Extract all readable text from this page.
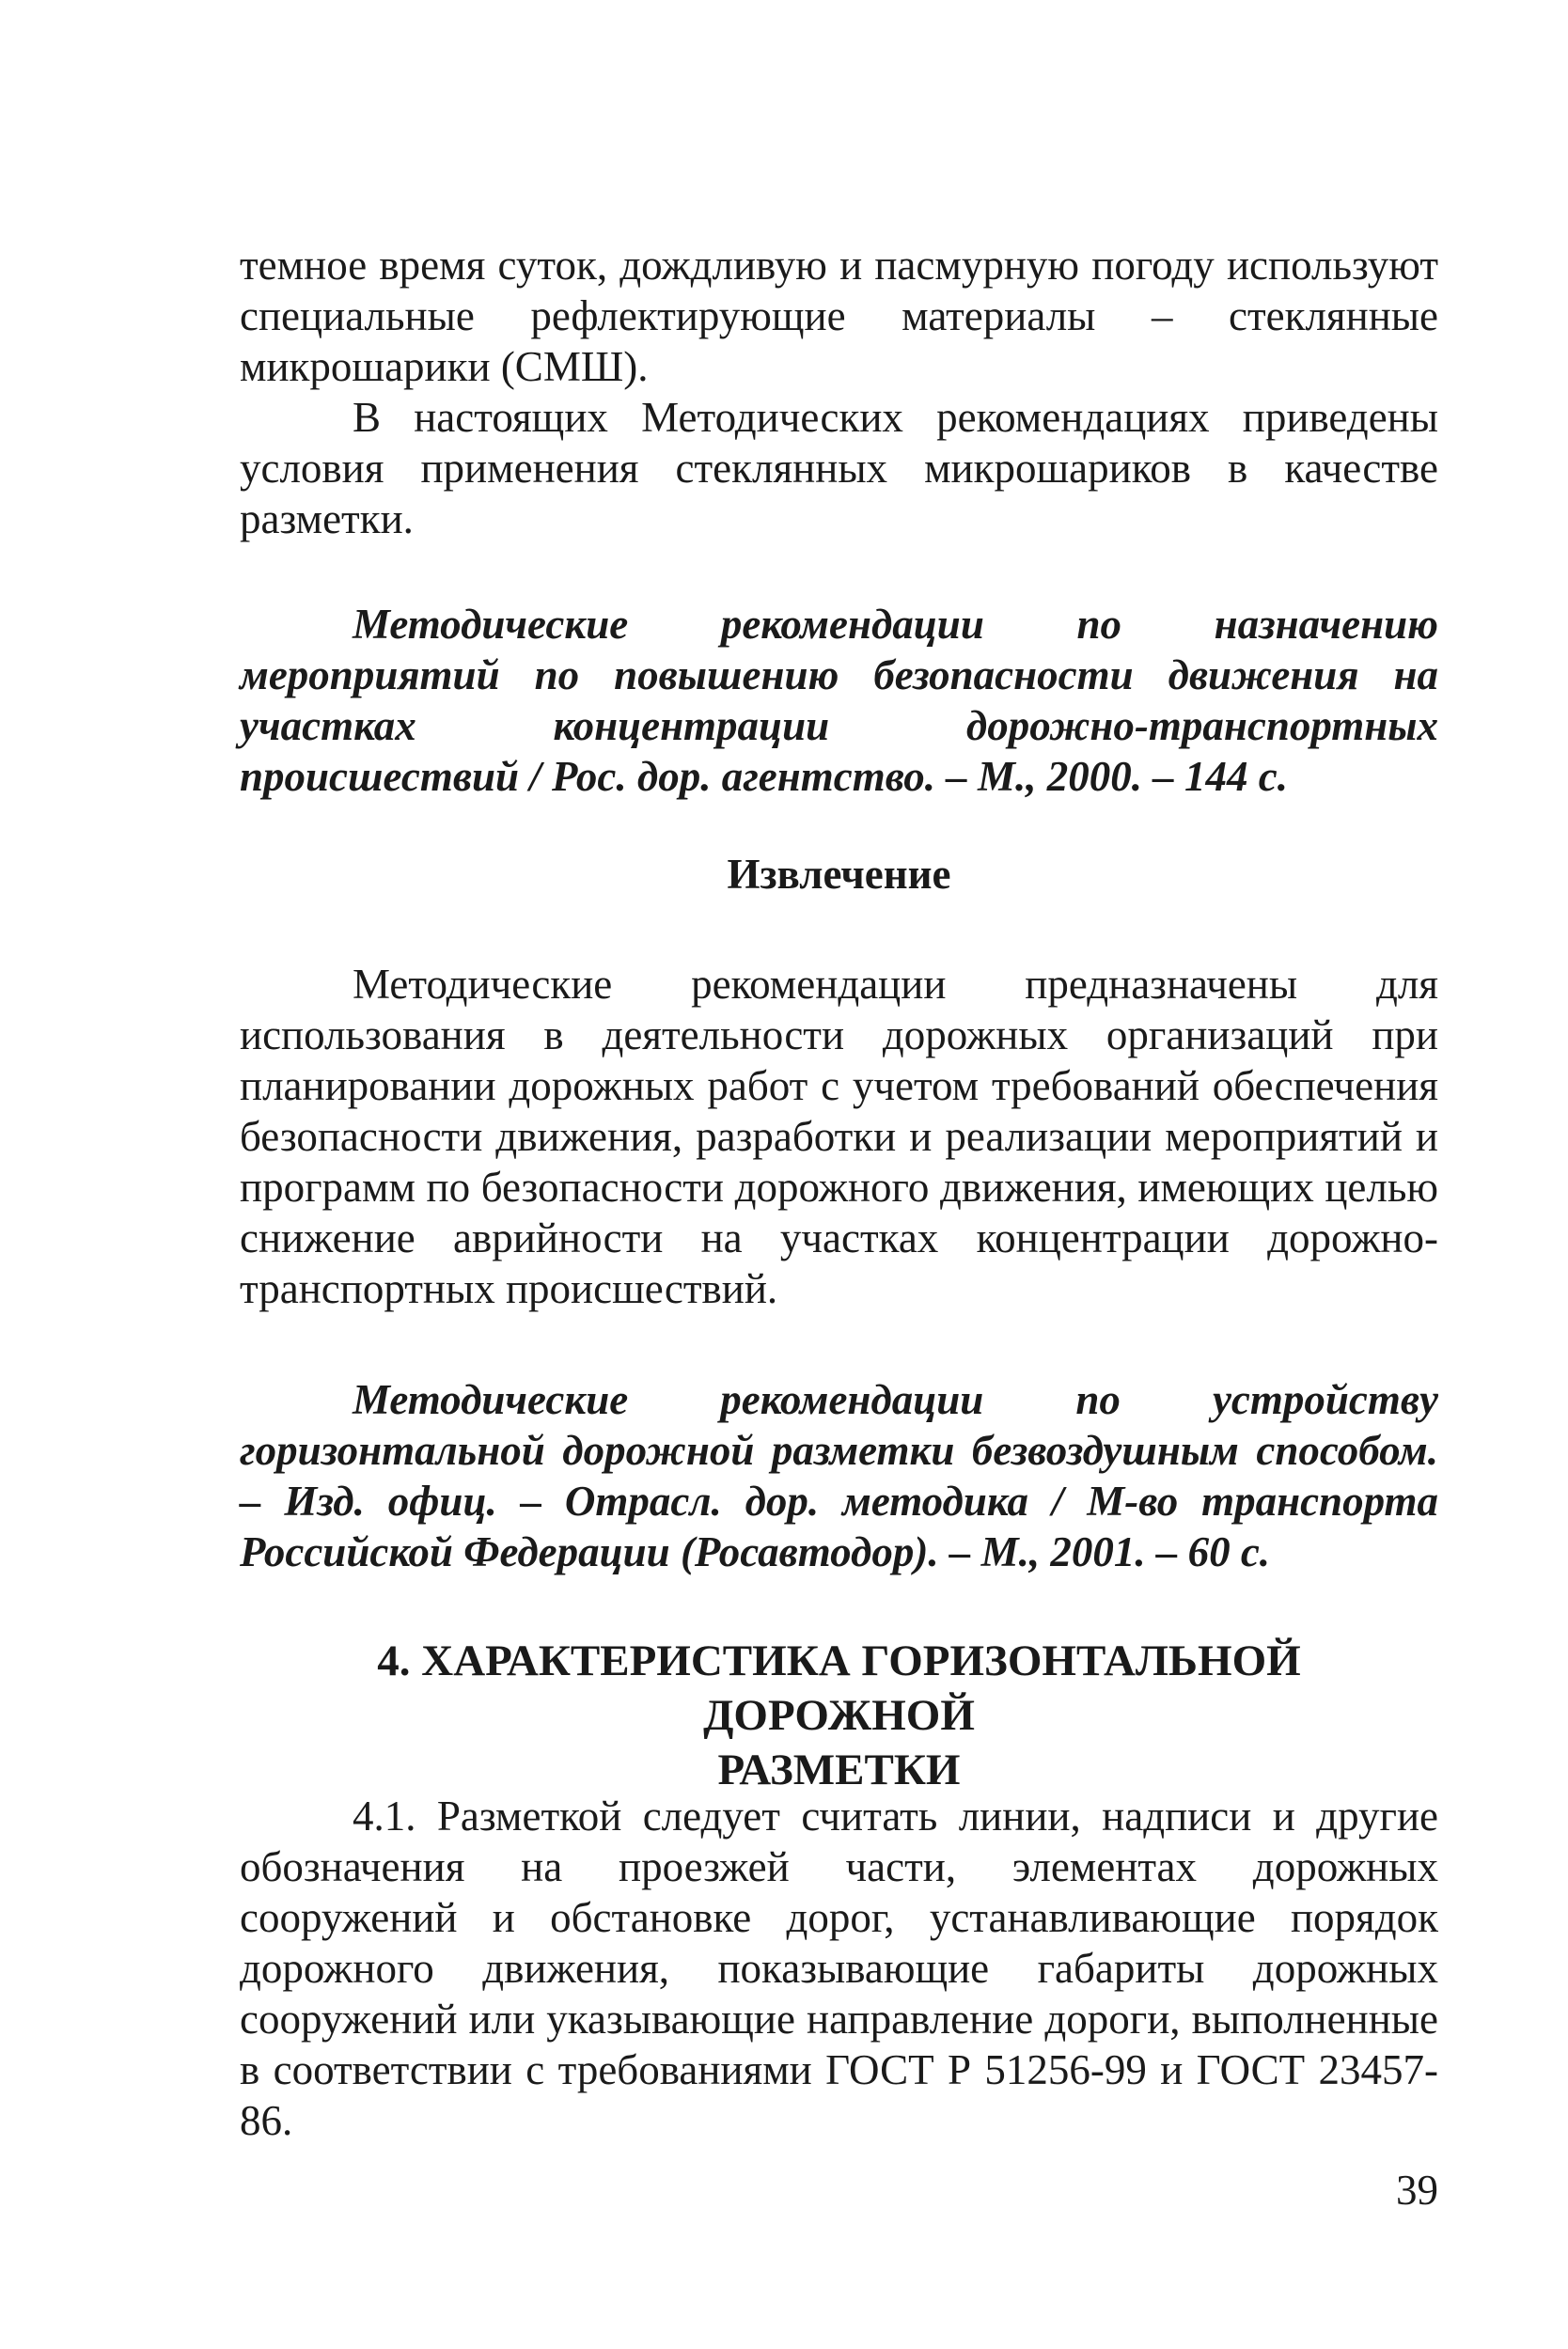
темное время суток, дождливую и пасмурную погоду используют специальные рефлектирующие материалы – стеклянные микрошарики (СМШ).

В настоящих Методических рекомендациях приведены условия применения стеклянных микрошариков в качестве разметки.

Методические рекомендации по назначению мероприятий по повышению безопасности движения на участках концентрации дорожно-транспортных происшествий / Рос. дор. агентство. – М., 2000. – 144 с.

Извлечение

Методические рекомендации предназначены для использования в деятельности дорожных организаций при планировании дорожных работ с учетом требований обеспечения безопасности движения, разработки и реализации мероприятий и программ по безопасности дорожного движения, имеющих целью снижение аврийности на участках концентрации дорожно-транспортных происшествий.

Методические рекомендации по устройству горизонтальной дорожной разметки безвоздушным способом. – Изд. офиц. – Отрасл. дор. методика / М-во транспорта Российской Федерации (Росавтодор). – М., 2001. – 60 с.

4. ХАРАКТЕРИСТИКА ГОРИЗОНТАЛЬНОЙ ДОРОЖНОЙ
РАЗМЕТКИ

4.1. Разметкой следует считать линии, надписи и другие обозначения на проезжей части, элементах дорожных сооружений и обстановке дорог, устанавливающие порядок дорожного движения, показывающие габариты дорожных сооружений или указывающие направление дороги, выполненные в соответствии с требованиями ГОСТ Р 51256-99 и ГОСТ 23457-86.

39
